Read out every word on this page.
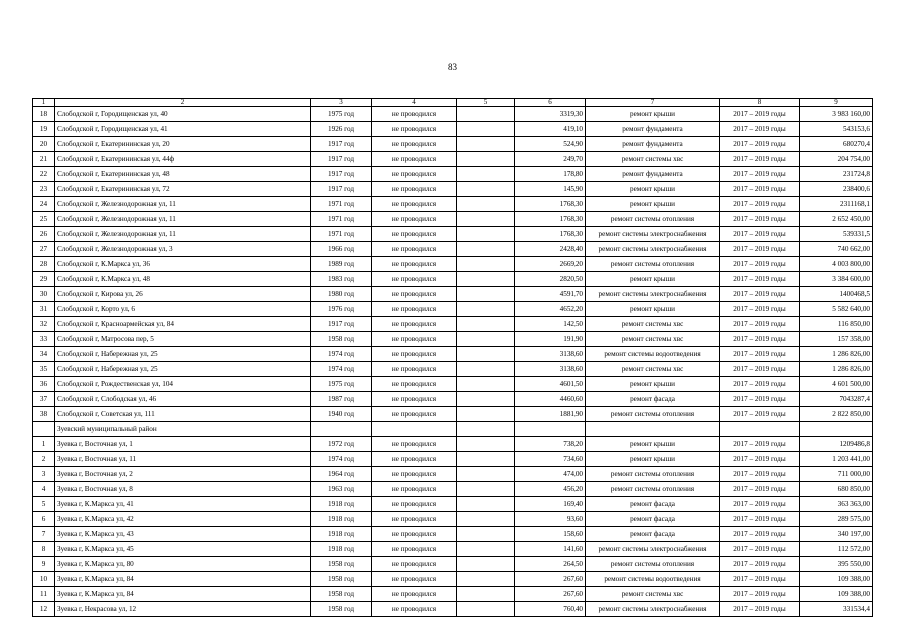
83
1	2	3	4	5	6	7	8	9
18	Слободской г, Городищенская ул, 40	1975 год	не проводился		3319,30	ремонт крыши	2017 – 2019 годы	3 983 160,00
19	Слободской г, Городищенская ул, 41	1926 год	не проводился		419,10	ремонт фундамента	2017 – 2019 годы	543153,6
20	Слободской г, Екатерининская ул, 20	1917 год	не проводился		524,90	ремонт фундамента	2017 – 2019 годы	680270,4
21	Слободской г, Екатерининская ул, 44ф	1917 год	не проводился		249,70	ремонт системы хвс	2017 – 2019 годы	204 754,00
22	Слободской г, Екатерининская ул, 48	1917 год	не проводился		178,80	ремонт фундамента	2017 – 2019 годы	231724,8
23	Слободской г, Екатерининская ул, 72	1917 год	не проводился		145,90	ремонт крыши	2017 – 2019 годы	238400,6
24	Слободской г, Железнодорожная ул, 11	1971 год	не проводился		1768,30	ремонт крыши	2017 – 2019 годы	2311168,1
25	Слободской г, Железнодорожная ул, 11	1971 год	не проводился		1768,30	ремонт системы отопления	2017 – 2019 годы	2 652 450,00
26	Слободской г, Железнодорожная ул, 11	1971 год	не проводился		1768,30	ремонт системы электроснабжения	2017 – 2019 годы	539331,5
27	Слободской г, Железнодорожная ул, 3	1966 год	не проводился		2428,40	ремонт системы электроснабжения	2017 – 2019 годы	740 662,00
28	Слободской г, К.Маркса ул, 36	1989 год	не проводился		2669,20	ремонт системы отопления	2017 – 2019 годы	4 003 800,00
29	Слободской г, К.Маркса ул, 48	1983 год	не проводился		2820,50	ремонт крыши	2017 – 2019 годы	3 384 600,00
30	Слободской г, Кирова ул, 26	1980 год	не проводился		4591,70	ремонт системы электроснабжения	2017 – 2019 годы	1400468,5
31	Слободской г, Корто ул, 6	1976 год	не проводился		4652,20	ремонт крыши	2017 – 2019 годы	5 582 640,00
32	Слободской г, Красноармейская ул, 84	1917 год	не проводился		142,50	ремонт системы хвс	2017 – 2019 годы	116 850,00
33	Слободской г, Матросова пер, 5	1958 год	не проводился		191,90	ремонт системы хвс	2017 – 2019 годы	157 358,00
34	Слободской г, Набережная ул, 25	1974 год	не проводился		3138,60	ремонт системы водоотведения	2017 – 2019 годы	1 286 826,00
35	Слободской г, Набережная ул, 25	1974 год	не проводился		3138,60	ремонт системы хвс	2017 – 2019 годы	1 286 826,00
36	Слободской г, Рождественская ул, 104	1975 год	не проводился		4601,50	ремонт крыши	2017 – 2019 годы	4 601 500,00
37	Слободской г, Слободская ул, 46	1987 год	не проводился		4460,60	ремонт фасада	2017 – 2019 годы	7043287,4
38	Слободской г, Советская ул, 111	1940 год	не проводился		1881,90	ремонт системы отопления	2017 – 2019 годы	2 822 850,00
	Зуевский муниципальный район							
1	Зуевка г, Восточная ул, 1	1972 год	не проводился		738,20	ремонт крыши	2017 – 2019 годы	1209486,8
2	Зуевка г, Восточная ул, 11	1974 год	не проводился		734,60	ремонт крыши	2017 – 2019 годы	1 203 441,00
3	Зуевка г, Восточная ул, 2	1964 год	не проводился		474,00	ремонт системы отопления	2017 – 2019 годы	711 000,00
4	Зуевка г, Восточная ул, 8	1963 год	не проводился		456,20	ремонт системы отопления	2017 – 2019 годы	680 850,00
5	Зуевка г, К.Маркса ул, 41	1918 год	не проводился		169,40	ремонт фасада	2017 – 2019 годы	363 363,00
6	Зуевка г, К.Маркса ул, 42	1918 год	не проводился		93,60	ремонт фасада	2017 – 2019 годы	289 575,00
7	Зуевка г, К.Маркса ул, 43	1918 год	не проводился		158,60	ремонт фасада	2017 – 2019 годы	340 197,00
8	Зуевка г, К.Маркса ул, 45	1918 год	не проводился		141,60	ремонт системы электроснабжения	2017 – 2019 годы	112 572,00
9	Зуевка г, К.Маркса ул, 80	1958 год	не проводился		264,50	ремонт системы отопления	2017 – 2019 годы	395 550,00
10	Зуевка г, К.Маркса ул, 84	1958 год	не проводился		267,60	ремонт системы водоотведения	2017 – 2019 годы	109 388,00
11	Зуевка г, К.Маркса ул, 84	1958 год	не проводился		267,60	ремонт системы хвс	2017 – 2019 годы	109 388,00
12	Зуевка г, Некрасова ул, 12	1958 год	не проводился		760,40	ремонт системы электроснабжения	2017 – 2019 годы	331534,4
